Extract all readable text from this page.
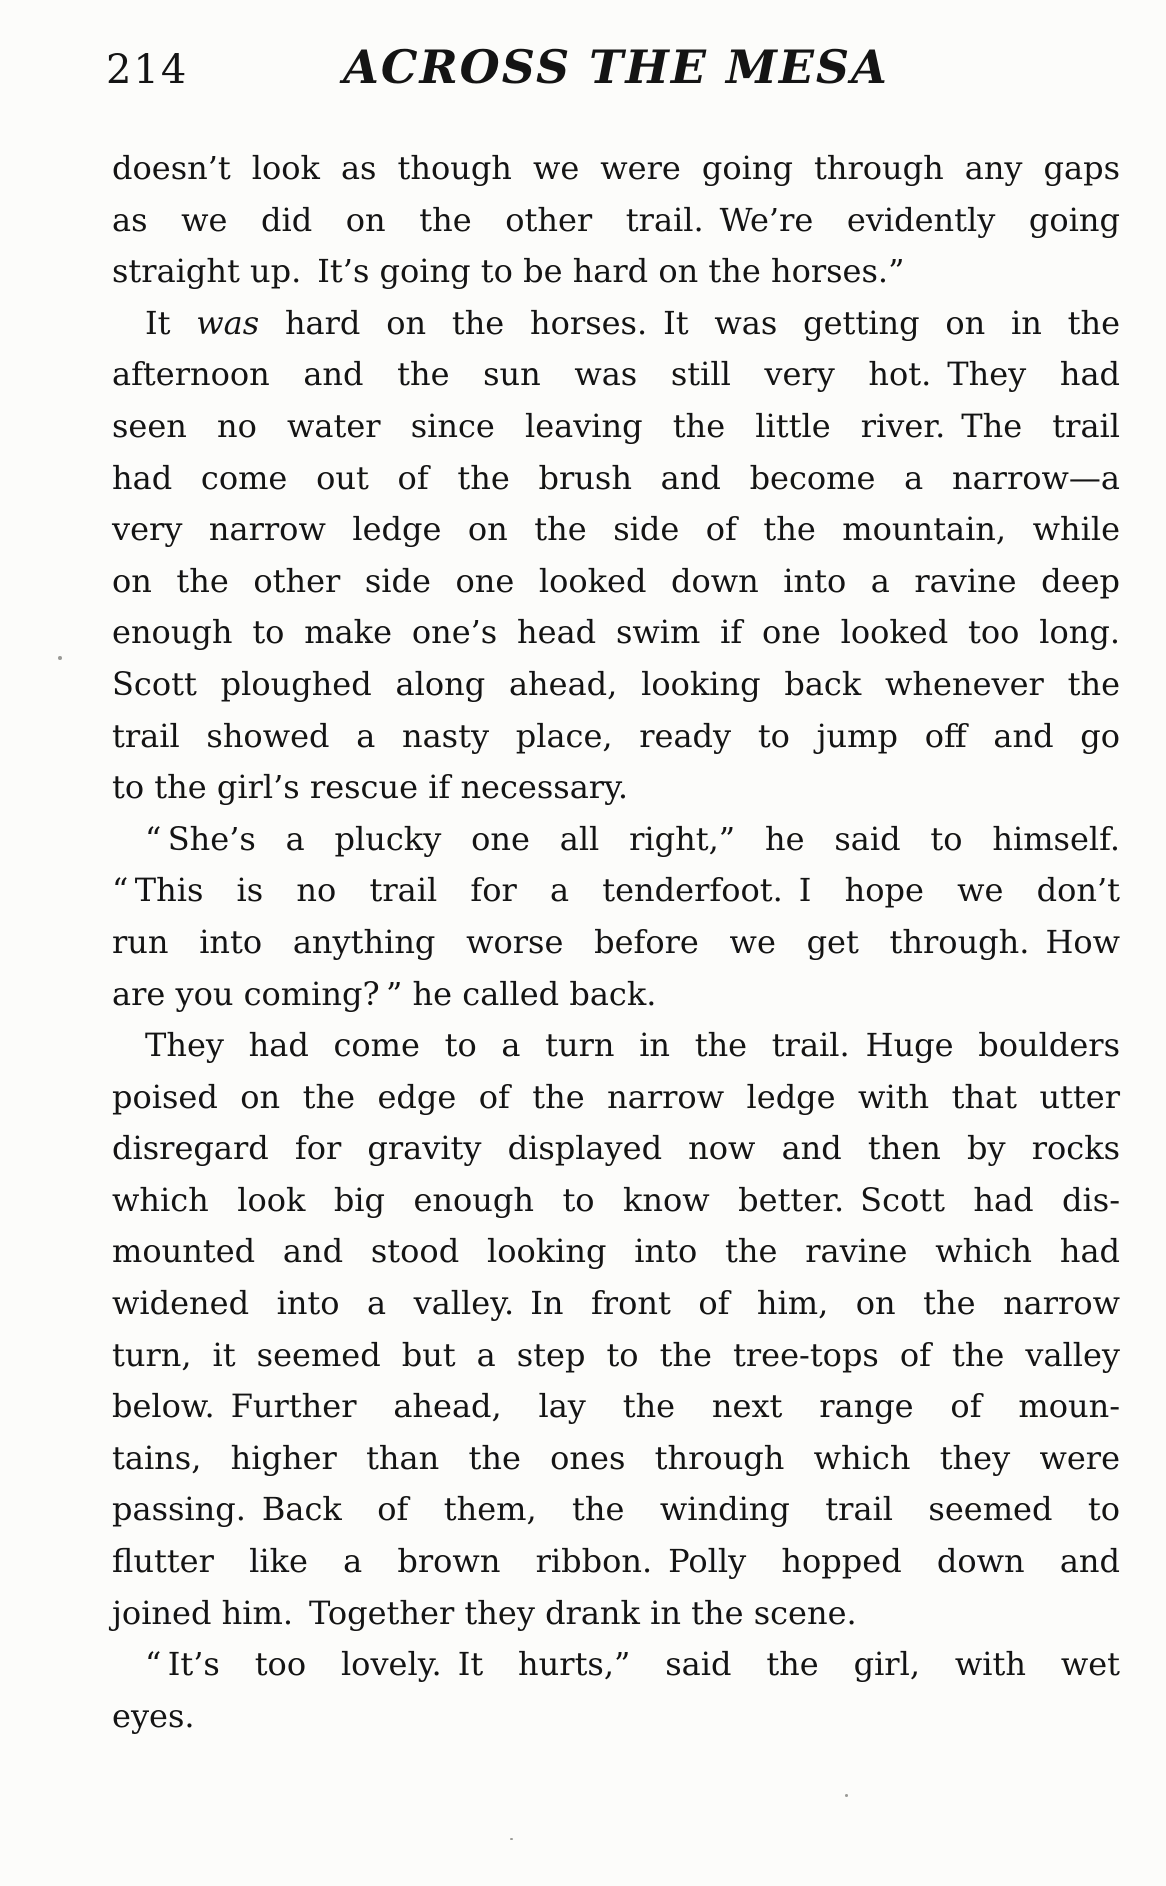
214	ACROSS THE MESA
doesn’t look as though we were going through any gaps
as we did on the other trail. We’re evidently going
straight up. It’s going to be hard on the horses.”
It was hard on the horses. It was getting on in the
afternoon and the sun was still very hot. They had
seen no water since leaving the little river. The trail
had come out of the brush and become a narrow—a
very narrow ledge on the side of the mountain, while
on the other side one looked down into a ravine deep
enough to make one’s head swim if one looked too long.
Scott ploughed along ahead, looking back whenever the
trail showed a nasty place, ready to jump off and go
to the girl’s rescue if necessary.
“ She’s a plucky one all right,” he said to himself.
“ This is no trail for a tenderfoot. I hope we don’t
run into anything worse before we get through. How
are you coming? ” he called back.
They had come to a turn in the trail. Huge boulders
poised on the edge of the narrow ledge with that utter
disregard for gravity displayed now and then by rocks
which look big enough to know better. Scott had dis-
mounted and stood looking into the ravine which had
widened into a valley. In front of him, on the narrow
turn, it seemed but a step to the tree-tops of the valley
below. Further ahead, lay the next range of moun-
tains, higher than the ones through which they were
passing. Back of them, the winding trail seemed to
flutter like a brown ribbon. Polly hopped down and
joined him. Together they drank in the scene.
“ It’s too lovely. It hurts,” said the girl, with wet
eyes.
